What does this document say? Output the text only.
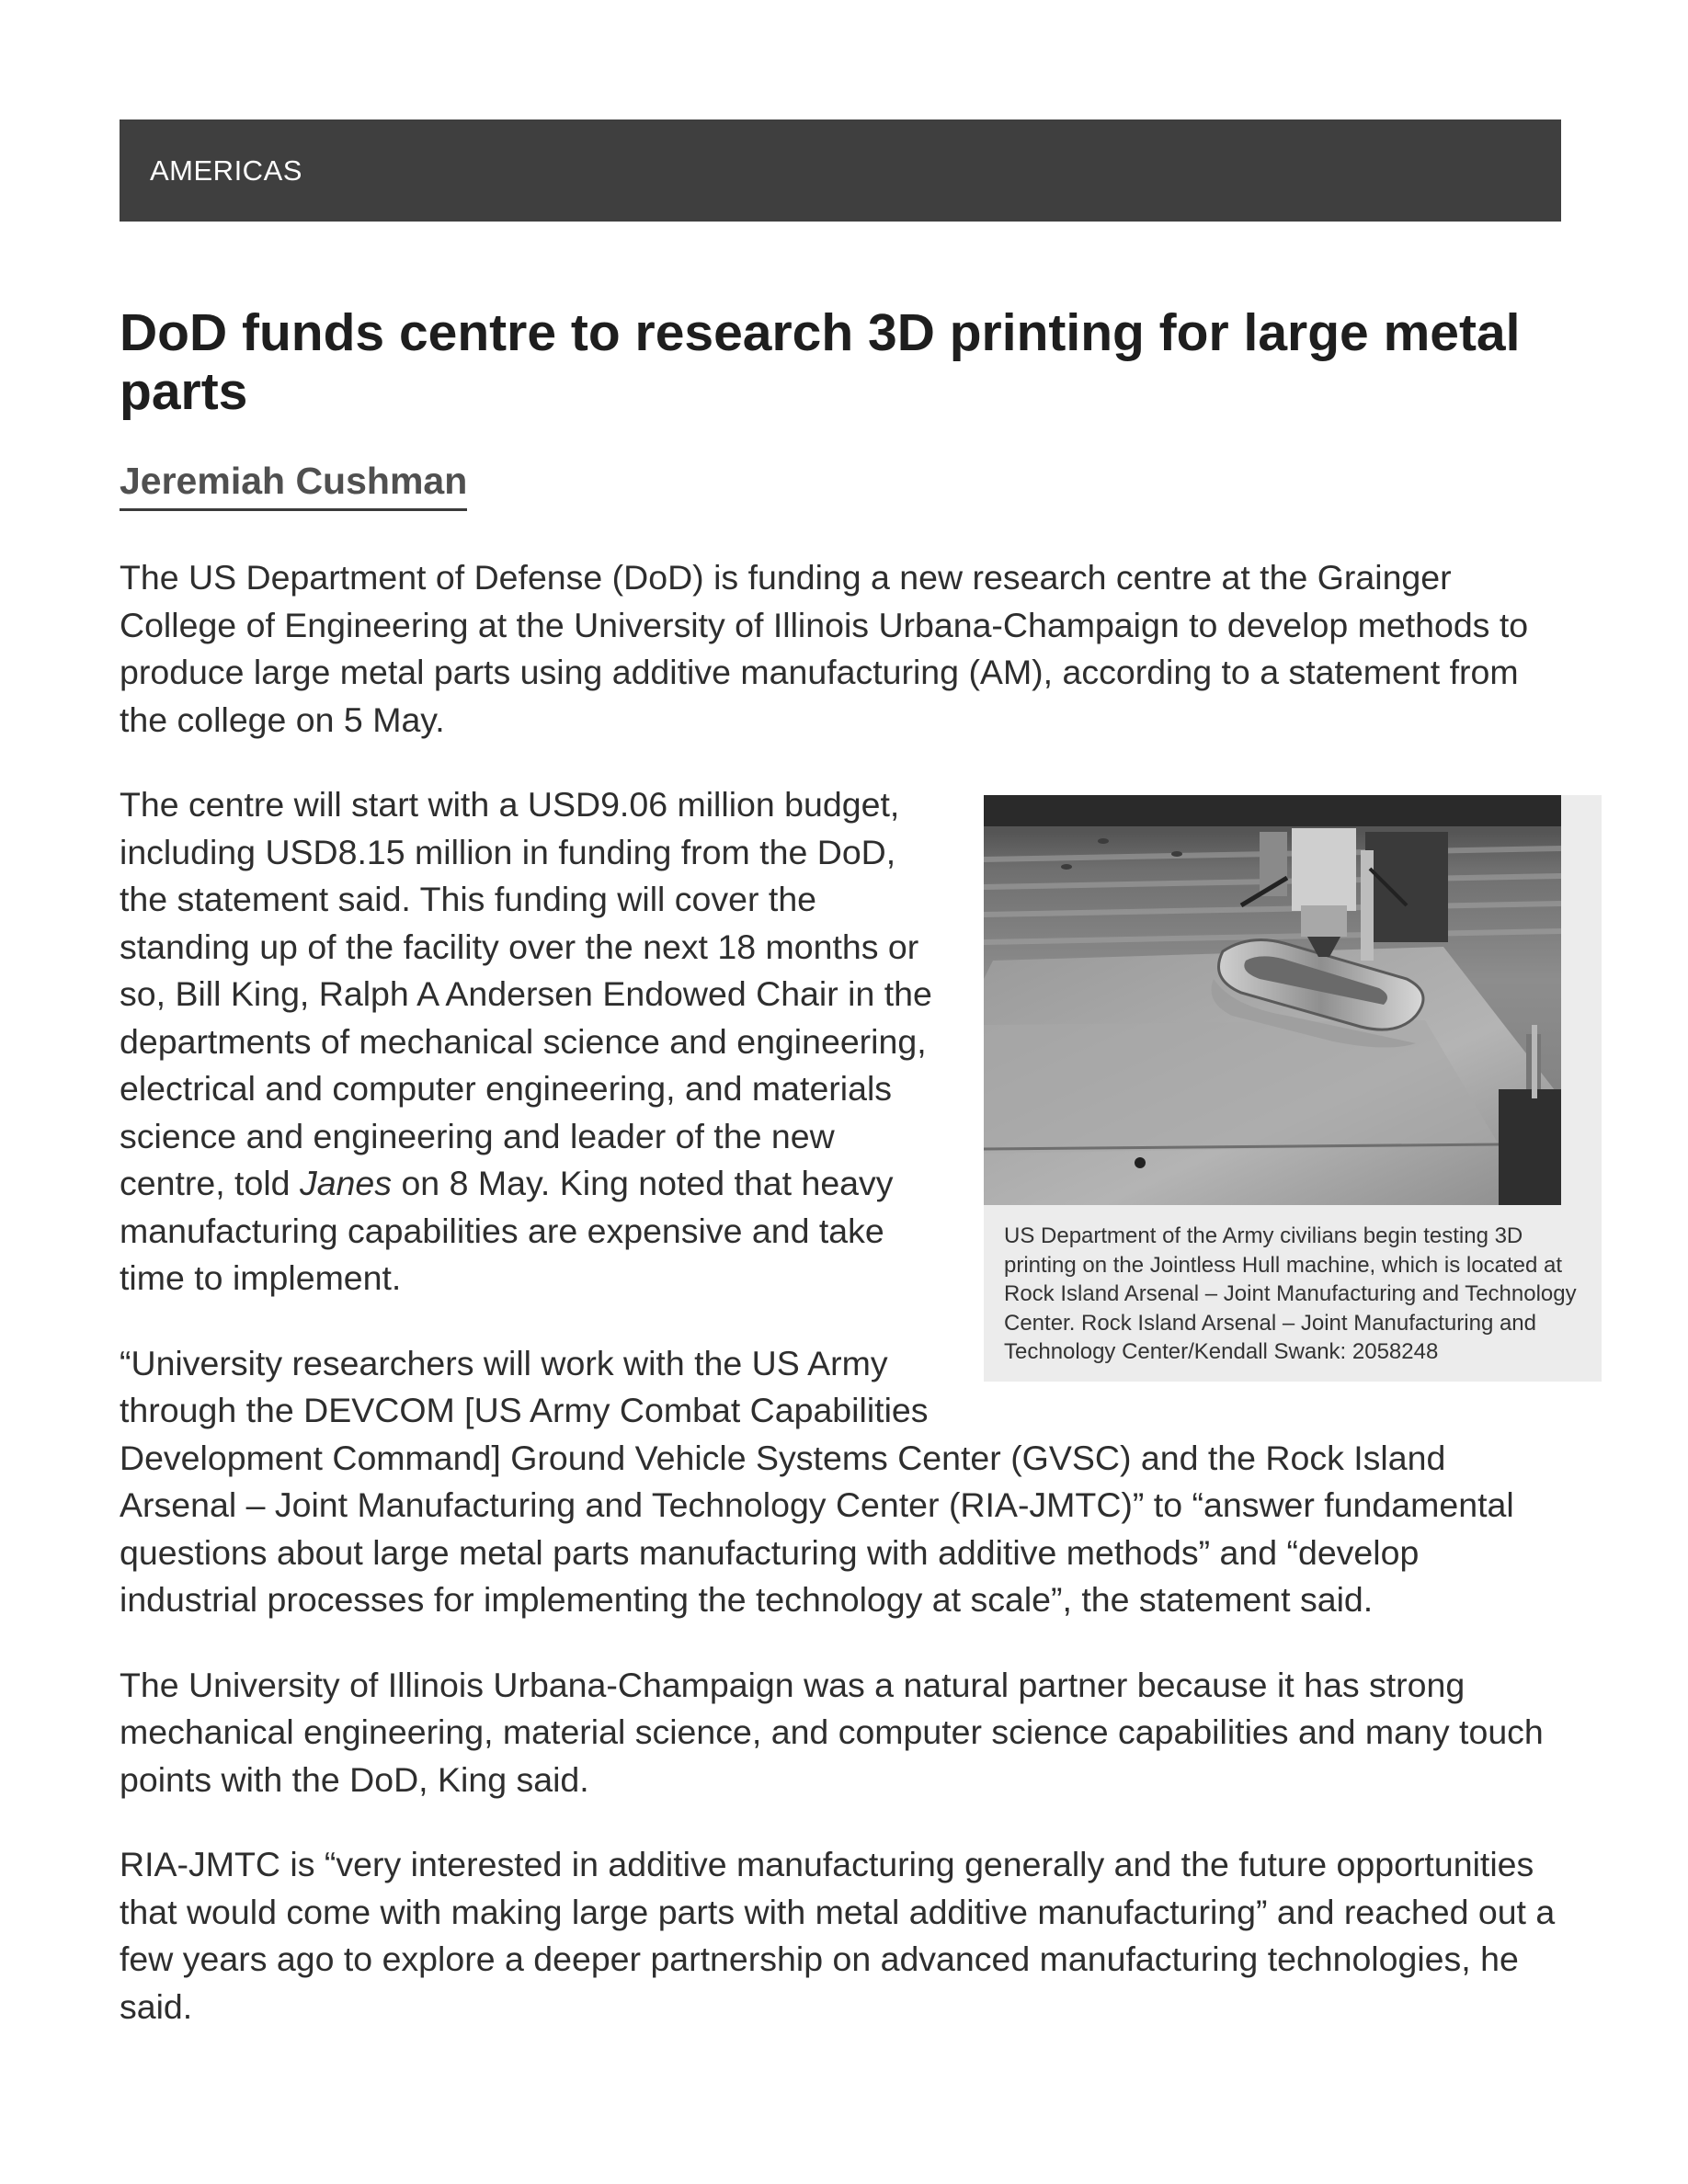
AMERICAS
DoD funds centre to research 3D printing for large metal parts
Jeremiah Cushman

The US Department of Defense (DoD) is funding a new research centre at the Grainger College of Engineering at the University of Illinois Urbana-Champaign to develop methods to produce large metal parts using additive manufacturing (AM), according to a statement from the college on 5 May.

US Department of the Army civilians begin testing 3D printing on the Jointless Hull machine, which is located at Rock Island Arsenal – Joint Manufacturing and Technology Center. Rock Island Arsenal – Joint Manufacturing and Technology Center/Kendall Swank: 2058248

The centre will start with a USD9.06 million budget, including USD8.15 million in funding from the DoD, the statement said. This funding will cover the standing up of the facility over the next 18 months or so, Bill King, Ralph A Andersen Endowed Chair in the departments of mechanical science and engineering, electrical and computer engineering, and materials science and engineering and leader of the new centre, told Janes on 8 May. King noted that heavy manufacturing capabilities are expensive and take time to implement.

“University researchers will work with the US Army through the DEVCOM [US Army Combat Capabilities Development Command] Ground Vehicle Systems Center (GVSC) and the Rock Island Arsenal – Joint Manufacturing and Technology Center (RIA-JMTC)” to “answer fundamental questions about large metal parts manufacturing with additive methods” and “develop industrial processes for implementing the technology at scale”, the statement said.

The University of Illinois Urbana-Champaign was a natural partner because it has strong mechanical engineering, material science, and computer science capabilities and many touch points with the DoD, King said.

RIA-JMTC is “very interested in additive manufacturing generally and the future opportunities that would come with making large parts with metal additive manufacturing” and reached out a few years ago to explore a deeper partnership on advanced manufacturing technologies, he said.
